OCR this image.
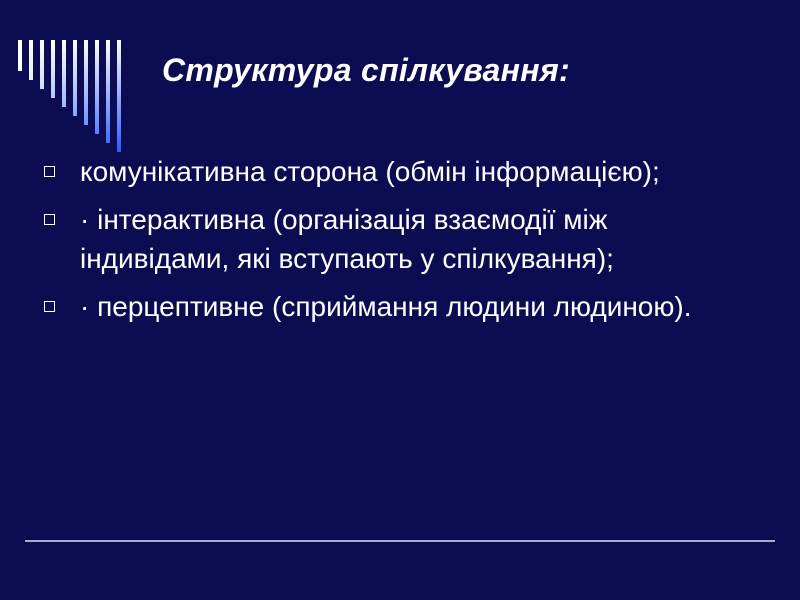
Структура спілкування:
комунікативна сторона (обмін інформацією);
· інтерактивна (організація взаємодії між індивідами, які вступають у спілкування);
· перцептивне (сприймання людини людиною).
